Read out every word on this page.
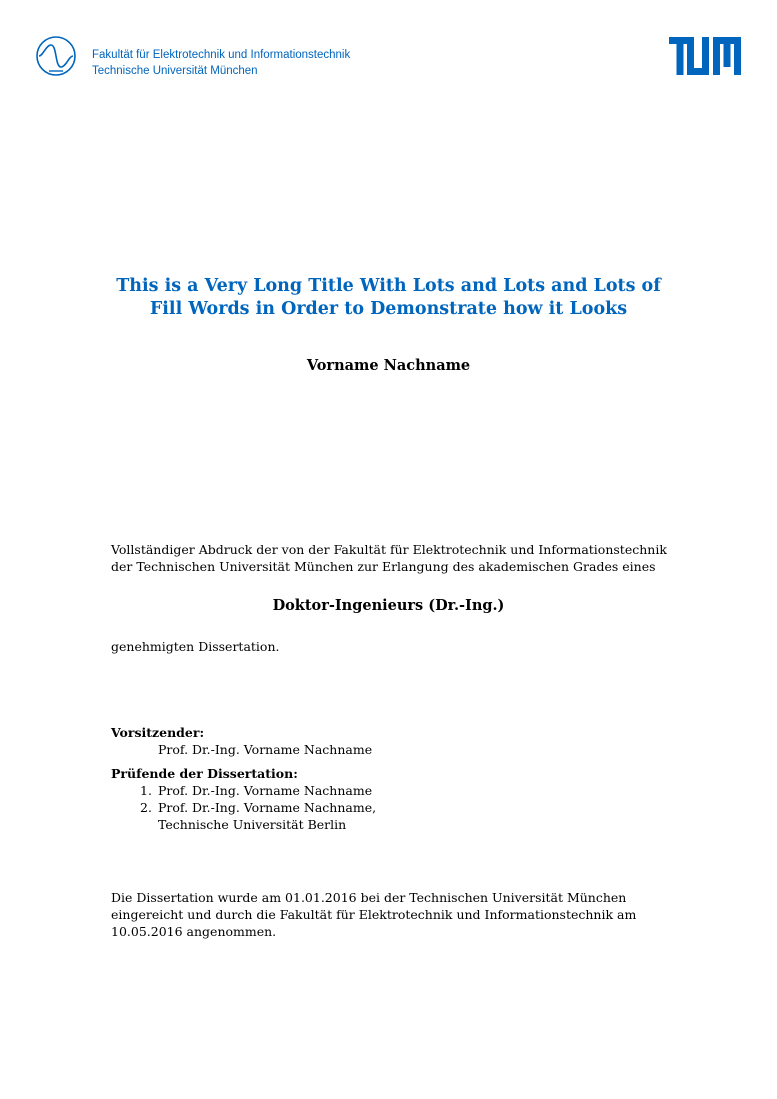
Fakultät für Elektrotechnik und Informationstechnik
Technische Universität München
This is a Very Long Title With Lots and Lots and Lots of
Fill Words in Order to Demonstrate how it Looks
Vorname Nachname
Vollständiger Abdruck der von der Fakultät für Elektrotechnik und Informationstechnik
der Technischen Universität München zur Erlangung des akademischen Grades eines
Doktor-Ingenieurs (Dr.-Ing.)
genehmigten Dissertation.
Vorsitzender:
Prof. Dr.-Ing. Vorname Nachname
Prüfende der Dissertation:
1. Prof. Dr.-Ing. Vorname Nachname
2. Prof. Dr.-Ing. Vorname Nachname,
Technische Universität Berlin
Die Dissertation wurde am 01.01.2016 bei der Technischen Universität München
eingereicht und durch die Fakultät für Elektrotechnik und Informationstechnik am
10.05.2016 angenommen.
